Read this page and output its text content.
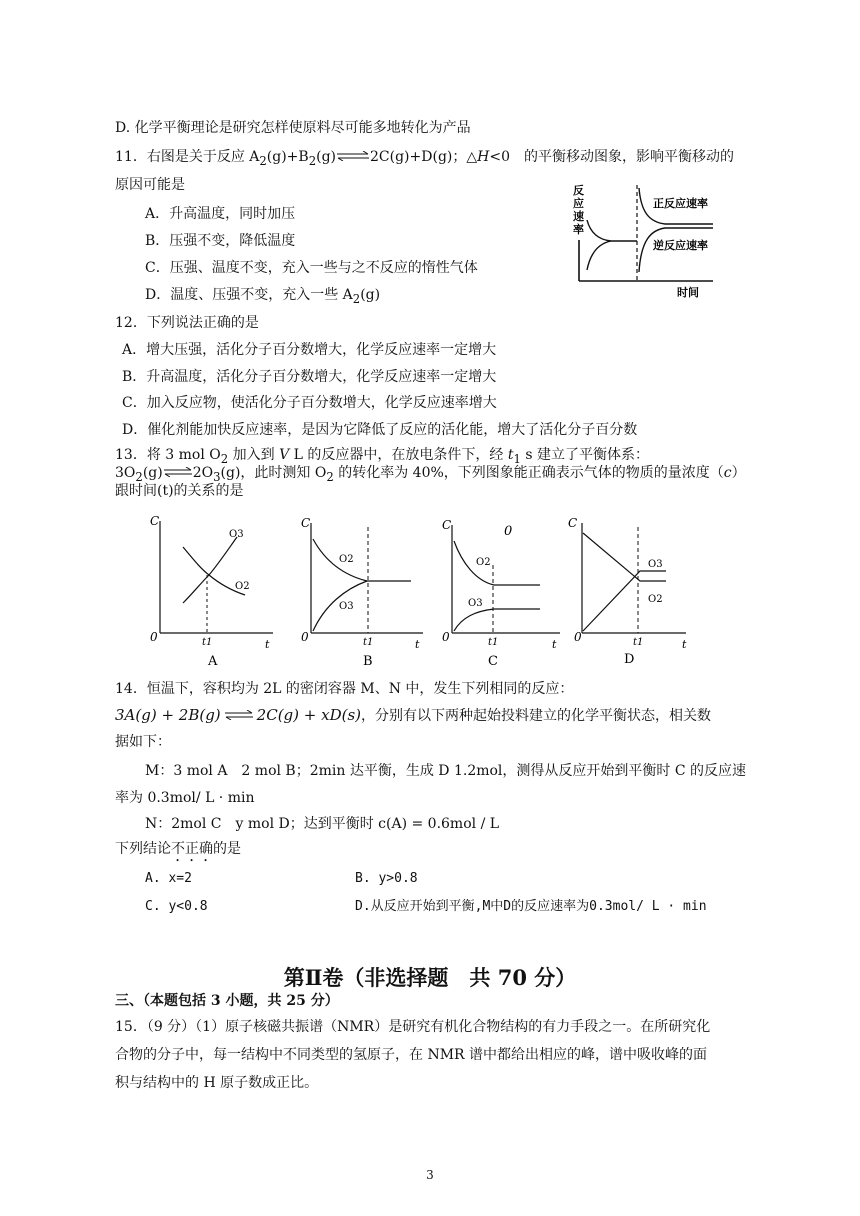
D. 化学平衡理论是研究怎样使原料尽可能多地转化为产品
11．右图是关于反应 $A_2(g)+B_2(g)\rightleftharpoons 2C(g)+D(g)$；△H<0　的平衡移动图象，影响平衡移动的
原因可能是
A．升高温度，同时加压
B．压强不变，降低温度
C．压强、温度不变，充入一些与之不反应的惰性气体
D．温度、压强不变，充入一些 $A_2(g)$
反
应
速
率
正反应速率
逆反应速率
时间
12．下列说法正确的是
A．增大压强，活化分子百分数增大，化学反应速率一定增大
B．升高温度，活化分子百分数增大，化学反应速率一定增大
C．加入反应物，使活化分子百分数增大，化学反应速率增大
D．催化剂能加快反应速率，是因为它降低了反应的活化能，增大了活化分子百分数
13．将 3 mol $O_2$ 加入到 V L 的反应器中，在放电条件下，经 $t_1$ s 建立了平衡体系：
$3O_2(g)\rightleftharpoons 2O_3(g)$，此时测知 $O_2$ 的转化率为 40%，下列图象能正确表示气体的物质的量浓度（c）
跟时间(t)的关系的是
C
0
t
O3
O2
t1
A
C
0
t
O2
O3
t1
B
C	0
0
t
O2
O3
t1
C
C
0
t
O3
O2
t1
D
14．恒温下，容积均为 2L 的密闭容器 M、N 中，发生下列相同的反应：
3A(g) + 2B(g) ⇌ 2C(g) + xD(s)，分别有以下两种起始投料建立的化学平衡状态，相关数
据如下：
M：3 mol A　2 mol B；2min 达平衡，生成 D 1.2mol，测得从反应开始到平衡时 C 的反应速
率为 0.3mol/ L · min
N：2mol C　y mol D；达到平衡时 c(A) = 0.6mol / L
下列结论不正确的是
A. x=2	B. y>0.8
C. y<0.8	D.从反应开始到平衡,M中D的反应速率为0.3mol/ L · min
第Ⅱ卷（非选择题　共 70 分）
三、（本题包括 3 小题，共 25 分）
15．（9 分）（1）原子核磁共振谱（NMR）是研究有机化合物结构的有力手段之一。在所研究化
合物的分子中，每一结构中不同类型的氢原子，在 NMR 谱中都给出相应的峰，谱中吸收峰的面
积与结构中的 H 原子数成正比。
3
